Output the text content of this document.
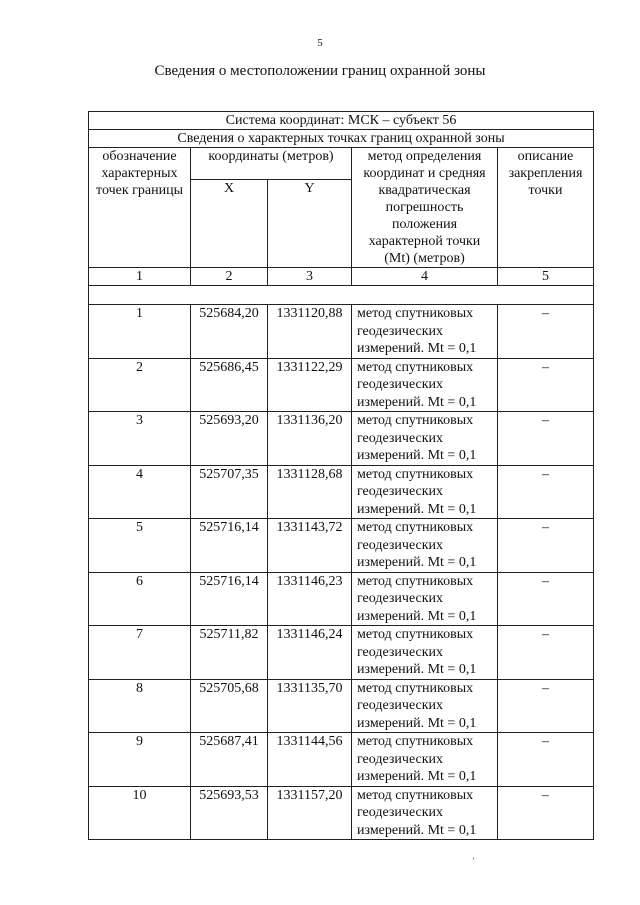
5
Сведения о местоположении границ охранной зоны
Система координат: МСК – субъект 56				
Сведения о характерных точках границ охранной зоны				
обозначение характерных точек границы	координаты (метров)		метод определения координат и средняя квадратическая погрешность положения характерной точки (Mt) (метров)	описание закрепления точки
	X	Y		
1	2	3	4	5

1	525684,20	1331120,88	метод спутниковых геодезических измерений. Mt = 0,1	–
2	525686,45	1331122,29	метод спутниковых геодезических измерений. Mt = 0,1	–
3	525693,20	1331136,20	метод спутниковых геодезических измерений. Mt = 0,1	–
4	525707,35	1331128,68	метод спутниковых геодезических измерений. Mt = 0,1	–
5	525716,14	1331143,72	метод спутниковых геодезических измерений. Mt = 0,1	–
6	525716,14	1331146,23	метод спутниковых геодезических измерений. Mt = 0,1	–
7	525711,82	1331146,24	метод спутниковых геодезических измерений. Mt = 0,1	–
8	525705,68	1331135,70	метод спутниковых геодезических измерений. Mt = 0,1	–
9	525687,41	1331144,56	метод спутниковых геодезических измерений. Mt = 0,1	–
10	525693,53	1331157,20	метод спутниковых геодезических измерений. Mt = 0,1	–
ʼ
